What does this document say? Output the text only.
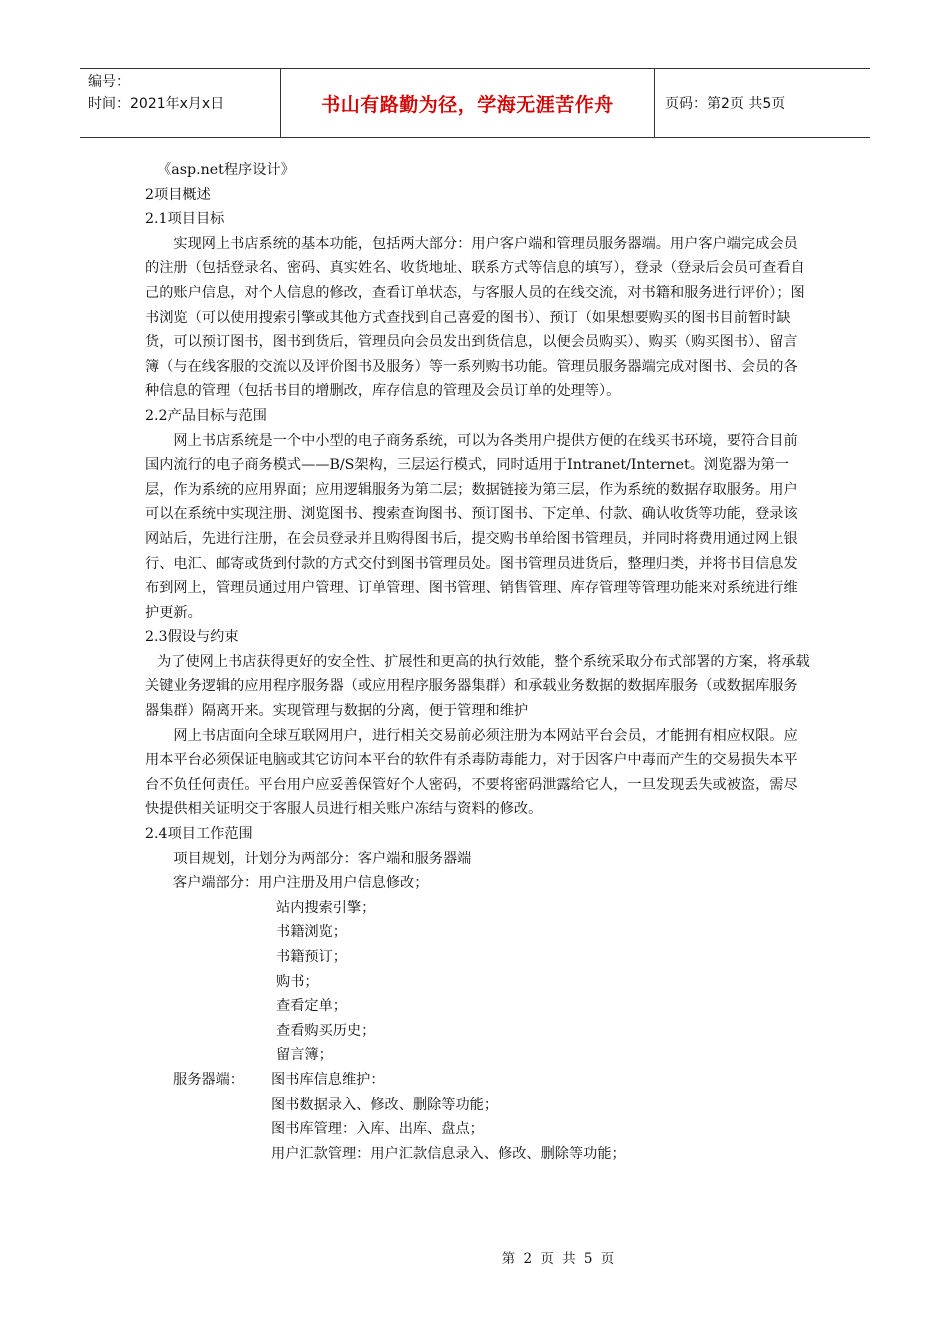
编号：
时间：2021年x月x日	书山有路勤为径，学海无涯苦作舟	页码：第2页 共5页

《asp.net程序设计》

2项目概述

2.1项目目标

实现网上书店系统的基本功能，包括两大部分：用户客户端和管理员服务器端。用户客户端完成会员的注册（包括登录名、密码、真实姓名、收货地址、联系方式等信息的填写），登录（登录后会员可查看自己的账户信息，对个人信息的修改，查看订单状态，与客服人员的在线交流，对书籍和服务进行评价）；图书浏览（可以使用搜索引擎或其他方式查找到自己喜爱的图书）、预订（如果想要购买的图书目前暂时缺货，可以预订图书，图书到货后，管理员向会员发出到货信息，以便会员购买）、购买（购买图书）、留言簿（与在线客服的交流以及评价图书及服务）等一系列购书功能。管理员服务器端完成对图书、会员的各种信息的管理（包括书目的增删改，库存信息的管理及会员订单的处理等）。

2.2产品目标与范围

网上书店系统是一个中小型的电子商务系统，可以为各类用户提供方便的在线买书环境，要符合目前国内流行的电子商务模式——B/S架构，三层运行模式，同时适用于Intranet/Internet。浏览器为第一层，作为系统的应用界面；应用逻辑服务为第二层；数据链接为第三层，作为系统的数据存取服务。用户可以在系统中实现注册、浏览图书、搜索查询图书、预订图书、下定单、付款、确认收货等功能，登录该网站后，先进行注册，在会员登录并且购得图书后，提交购书单给图书管理员，并同时将费用通过网上银行、电汇、邮寄或货到付款的方式交付到图书管理员处。图书管理员进货后，整理归类，并将书目信息发布到网上，管理员通过用户管理、订单管理、图书管理、销售管理、库存管理等管理功能来对系统进行维护更新。

2.3假设与约束

为了使网上书店获得更好的安全性、扩展性和更高的执行效能，整个系统采取分布式部署的方案，将承载关键业务逻辑的应用程序服务器（或应用程序服务器集群）和承载业务数据的数据库服务（或数据库服务器集群）隔离开来。实现管理与数据的分离，便于管理和维护

网上书店面向全球互联网用户，进行相关交易前必须注册为本网站平台会员，才能拥有相应权限。应用本平台必须保证电脑或其它访问本平台的软件有杀毒防毒能力，对于因客户中毒而产生的交易损失本平台不负任何责任。平台用户应妥善保管好个人密码，不要将密码泄露给它人，一旦发现丢失或被盗，需尽快提供相关证明交于客服人员进行相关账户冻结与资料的修改。

2.4项目工作范围

项目规划，计划分为两部分：客户端和服务器端

客户端部分：用户注册及用户信息修改；

站内搜索引擎；

书籍浏览；

书籍预订；

购书；

查看定单；

查看购买历史；

留言簿；

服务器端：	图书库信息维护：

图书数据录入、修改、删除等功能；

图书库管理：入库、出库、盘点；

用户汇款管理：用户汇款信息录入、修改、删除等功能；

第 2 页 共 5 页
